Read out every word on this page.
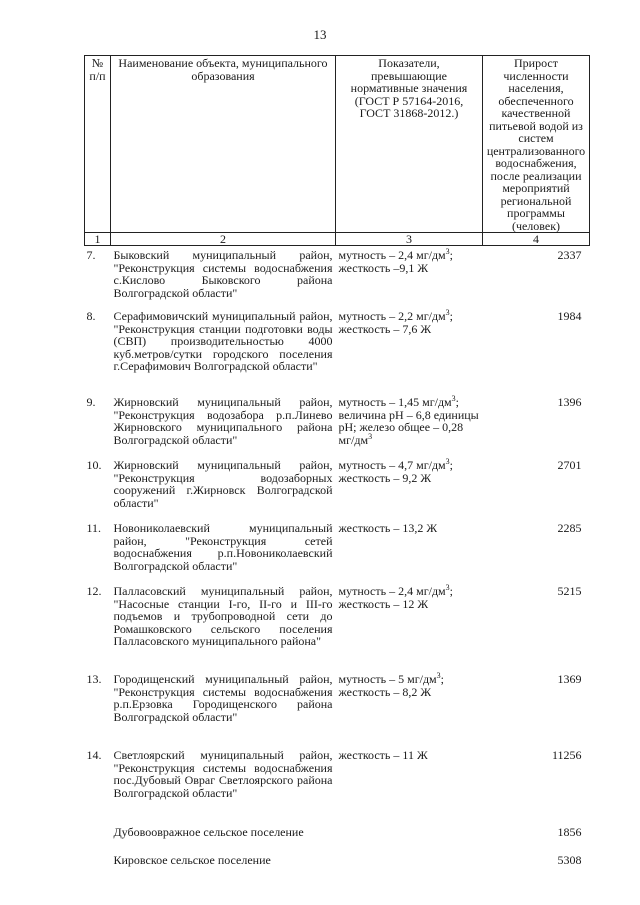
13
№ п/п	Наименование объекта, муниципального образования	Показатели, превышающие нормативные значения (ГОСТ Р 57164-2016, ГОСТ 31868-2012.)	Прирост численности населения, обеспеченного качественной питьевой водой из систем централизованного водоснабжения, после реализации мероприятий региональной программы (человек)
1	2	3	4
7.	Быковский муниципальный район, "Реконструкция системы водоснабжения с.Кислово Быковского района Волгоградской области"	мутность – 2,4 $мг/дм^3$; жесткость –9,1 Ж	2337
8.	Серафимовичский муниципальный район, "Реконструкция станции подготовки воды (СВП) производительностью 4000 куб.метров/сутки городского поселения г.Серафимович Волгоградской области"	мутность – 2,2 $мг/дм^3$; жесткость – 7,6 Ж	1984
9.	Жирновский муниципальный район, "Реконструкция водозабора р.п.Линево Жирновского муниципального района Волгоградской области"	мутность – 1,45 $мг/дм^3$; величина pH – 6,8 единицы pH; железо общее – 0,28 $мг/дм^3$	1396
10.	Жирновский муниципальный район, "Реконструкция водозаборных сооружений г.Жирновск Волгоградской области"	мутность – 4,7 $мг/дм^3$; жесткость – 9,2 Ж	2701
11.	Новониколаевский муниципальный район, "Реконструкция сетей водоснабжения р.п.Новониколаевский Волгоградской области"	жесткость – 13,2 Ж	2285
12.	Палласовский муниципальный район, "Насосные станции I-го, II-го и III-го подъемов и трубопроводной сети до Ромашковского сельского поселения Палласовского муниципального района"	мутность – 2,4 $мг/дм^3$; жесткость – 12 Ж	5215
13.	Городищенский муниципальный район, "Реконструкция системы водоснабжения р.п.Ерзовка Городищенского района Волгоградской области"	мутность – 5 $мг/дм^3$; жесткость – 8,2 Ж	1369
14.	Светлоярский муниципальный район, "Реконструкция системы водоснабжения пос.Дубовый Овраг Светлоярского района Волгоградской области"	жесткость – 11 Ж	11256
	Дубовоовражное сельское поселение		1856
	Кировское сельское поселение		5308
